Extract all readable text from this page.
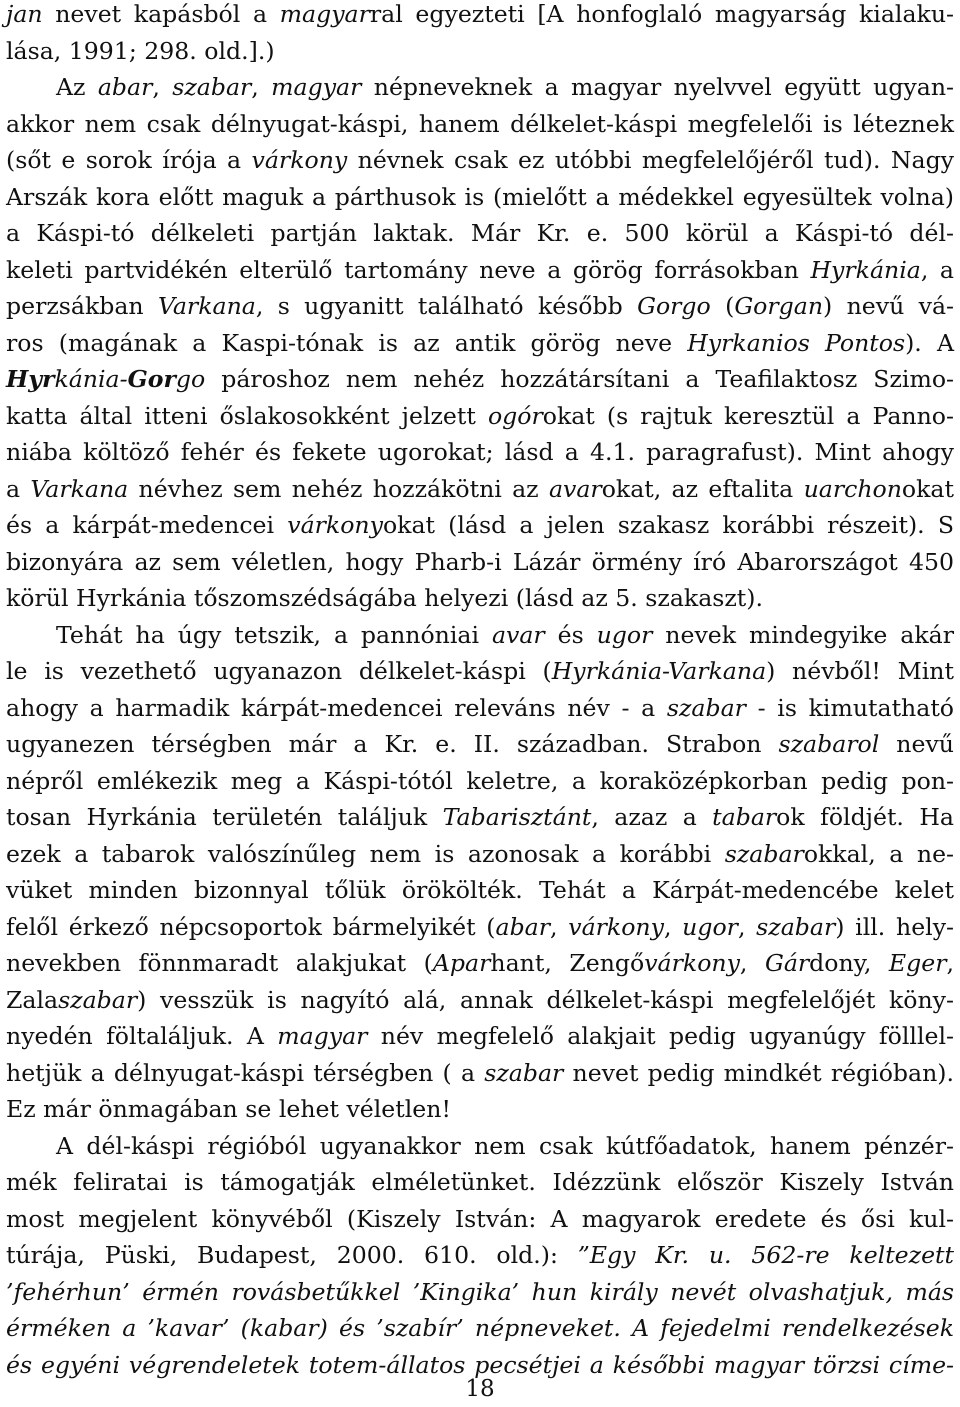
jan nevet kapásból a magyarral egyezteti [A honfoglaló magyarság kialaku-
lása, 1991; 298. old.].)
Az abar, szabar, magyar népneveknek a magyar nyelvvel együtt ugyan-
akkor nem csak délnyugat-káspi, hanem délkelet-káspi megfelelői is léteznek
(sőt e sorok írója a várkony névnek csak ez utóbbi megfelelőjéről tud). Nagy
Arszák kora előtt maguk a párthusok is (mielőtt a médekkel egyesültek volna)
a Káspi-tó délkeleti partján laktak. Már Kr. e. 500 körül a Káspi-tó dél-
keleti partvidékén elterülő tartomány neve a görög forrásokban Hyrkánia, a
perzsákban Varkana, s ugyanitt található később Gorgo (Gorgan) nevű vá-
ros (magának a Kaspi-tónak is az antik görög neve Hyrkanios Pontos). A
Hyrkánia-Gorgo pároshoz nem nehéz hozzátársítani a Teafilaktosz Szimo-
katta által itteni őslakosokként jelzett ogórokat (s rajtuk keresztül a Panno-
niába költöző fehér és fekete ugorokat; lásd a 4.1. paragrafust). Mint ahogy
a Varkana névhez sem nehéz hozzákötni az avarokat, az eftalita uarchonokat
és a kárpát-medencei várkonyokat (lásd a jelen szakasz korábbi részeit). S
bizonyára az sem véletlen, hogy Pharb-i Lázár örmény író Abarországot 450
körül Hyrkánia tőszomszédságába helyezi (lásd az 5. szakaszt).
Tehát ha úgy tetszik, a pannóniai avar és ugor nevek mindegyike akár
le is vezethető ugyanazon délkelet-káspi (Hyrkánia-Varkana) névből! Mint
ahogy a harmadik kárpát-medencei releváns név - a szabar - is kimutatható
ugyanezen térségben már a Kr. e. II. században. Strabon szabarol nevű
népről emlékezik meg a Káspi-tótól keletre, a koraközépkorban pedig pon-
tosan Hyrkánia területén találjuk Tabarisztánt, azaz a tabarok földjét. Ha
ezek a tabarok valószínűleg nem is azonosak a korábbi szabarokkal, a ne-
vüket minden bizonnyal tőlük örökölték. Tehát a Kárpát-medencébe kelet
felől érkező népcsoportok bármelyikét (abar, várkony, ugor, szabar) ill. hely-
nevekben fönnmaradt alakjukat (Aparhant, Zengővárkony, Gárdony, Eger,
Zalaszabar) vesszük is nagyító alá, annak délkelet-káspi megfelelőjét köny-
nyedén föltaláljuk. A magyar név megfelelő alakjait pedig ugyanúgy fölllel-
hetjük a délnyugat-káspi térségben ( a szabar nevet pedig mindkét régióban).
Ez már önmagában se lehet véletlen!
A dél-káspi régióból ugyanakkor nem csak kútfőadatok, hanem pénzér-
mék feliratai is támogatják elméletünket. Idézzünk először Kiszely István
most megjelent könyvéből (Kiszely István: A magyarok eredete és ősi kul-
túrája, Püski, Budapest, 2000. 610. old.): ”Egy Kr. u. 562-re keltezett
’fehérhun’ érmén rovásbetűkkel ’Kingika’ hun király nevét olvashatjuk, más
érméken a ’kavar’ (kabar) és ’szabír’ népneveket. A fejedelmi rendelkezések
és egyéni végrendeletek totem-állatos pecsétjei a későbbi magyar törzsi címe-
18
